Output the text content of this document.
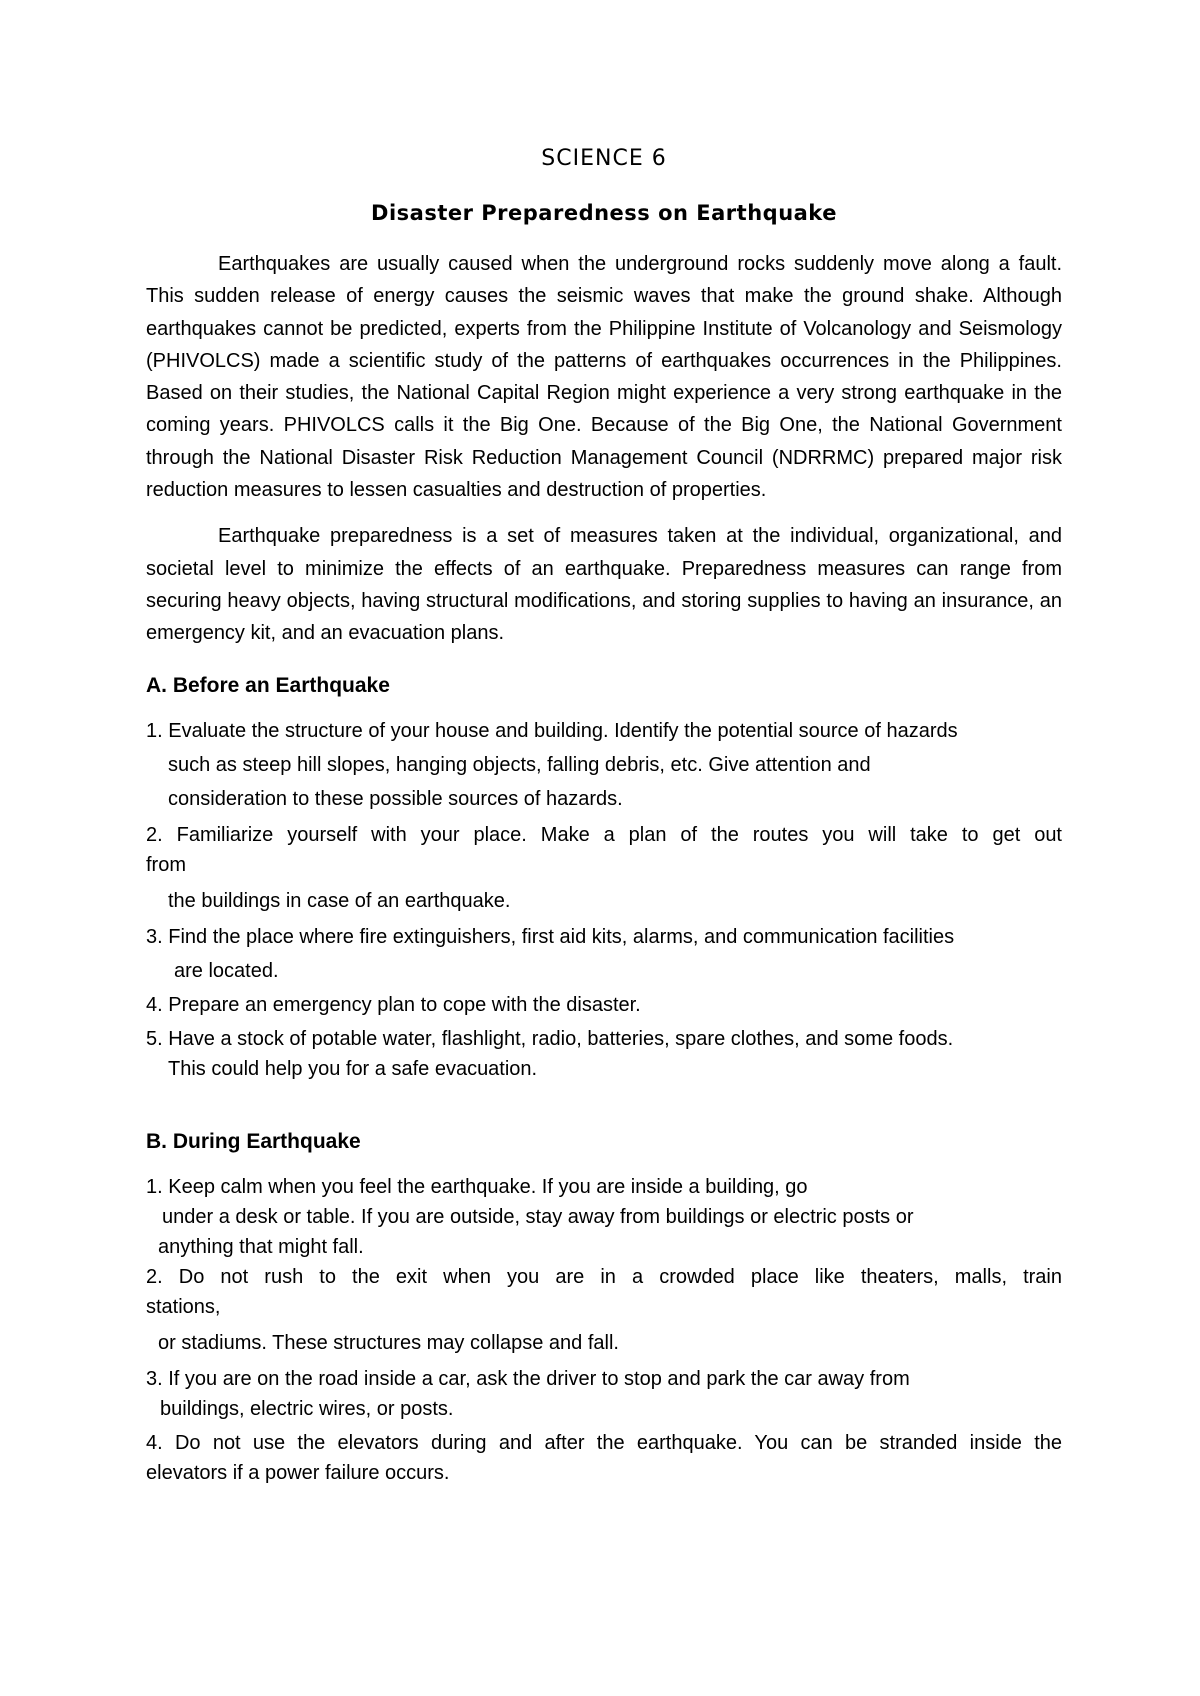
SCIENCE 6
Disaster Preparedness on Earthquake

Earthquakes are usually caused when the underground rocks suddenly move along a fault. This sudden release of energy causes the seismic waves that make the ground shake. Although earthquakes cannot be predicted, experts from the Philippine Institute of Volcanology and Seismology (PHIVOLCS) made a scientific study of the patterns of earthquakes occurrences in the Philippines. Based on their studies, the National Capital Region might experience a very strong earthquake in the coming years. PHIVOLCS calls it the Big One. Because of the Big One, the National Government through the National Disaster Risk Reduction Management Council (NDRRMC) prepared major risk reduction measures to lessen casualties and destruction of properties.

Earthquake preparedness is a set of measures taken at the individual, organizational, and societal level to minimize the effects of an earthquake. Preparedness measures can range from securing heavy objects, having structural modifications, and storing supplies to having an insurance, an emergency kit, and an evacuation plans.

A. Before an Earthquake
1. Evaluate the structure of your house and building. Identify the potential source of hazards
such as steep hill slopes, hanging objects, falling debris, etc. Give attention and
consideration to these possible sources of hazards.
2. Familiarize yourself with your place. Make a plan of the routes you will take to get out
from
the buildings in case of an earthquake.
3. Find the place where fire extinguishers, first aid kits, alarms, and communication facilities
are located.
4. Prepare an emergency plan to cope with the disaster.
5. Have a stock of potable water, flashlight, radio, batteries, spare clothes, and some foods.
This could help you for a safe evacuation.
B. During Earthquake
1. Keep calm when you feel the earthquake. If you are inside a building, go
under a desk or table. If you are outside, stay away from buildings or electric posts or
anything that might fall.
2. Do not rush to the exit when you are in a crowded place like theaters, malls, train
stations,
or stadiums. These structures may collapse and fall.
3. If you are on the road inside a car, ask the driver to stop and park the car away from
buildings, electric wires, or posts.
4. Do not use the elevators during and after the earthquake. You can be stranded inside the
elevators if a power failure occurs.
